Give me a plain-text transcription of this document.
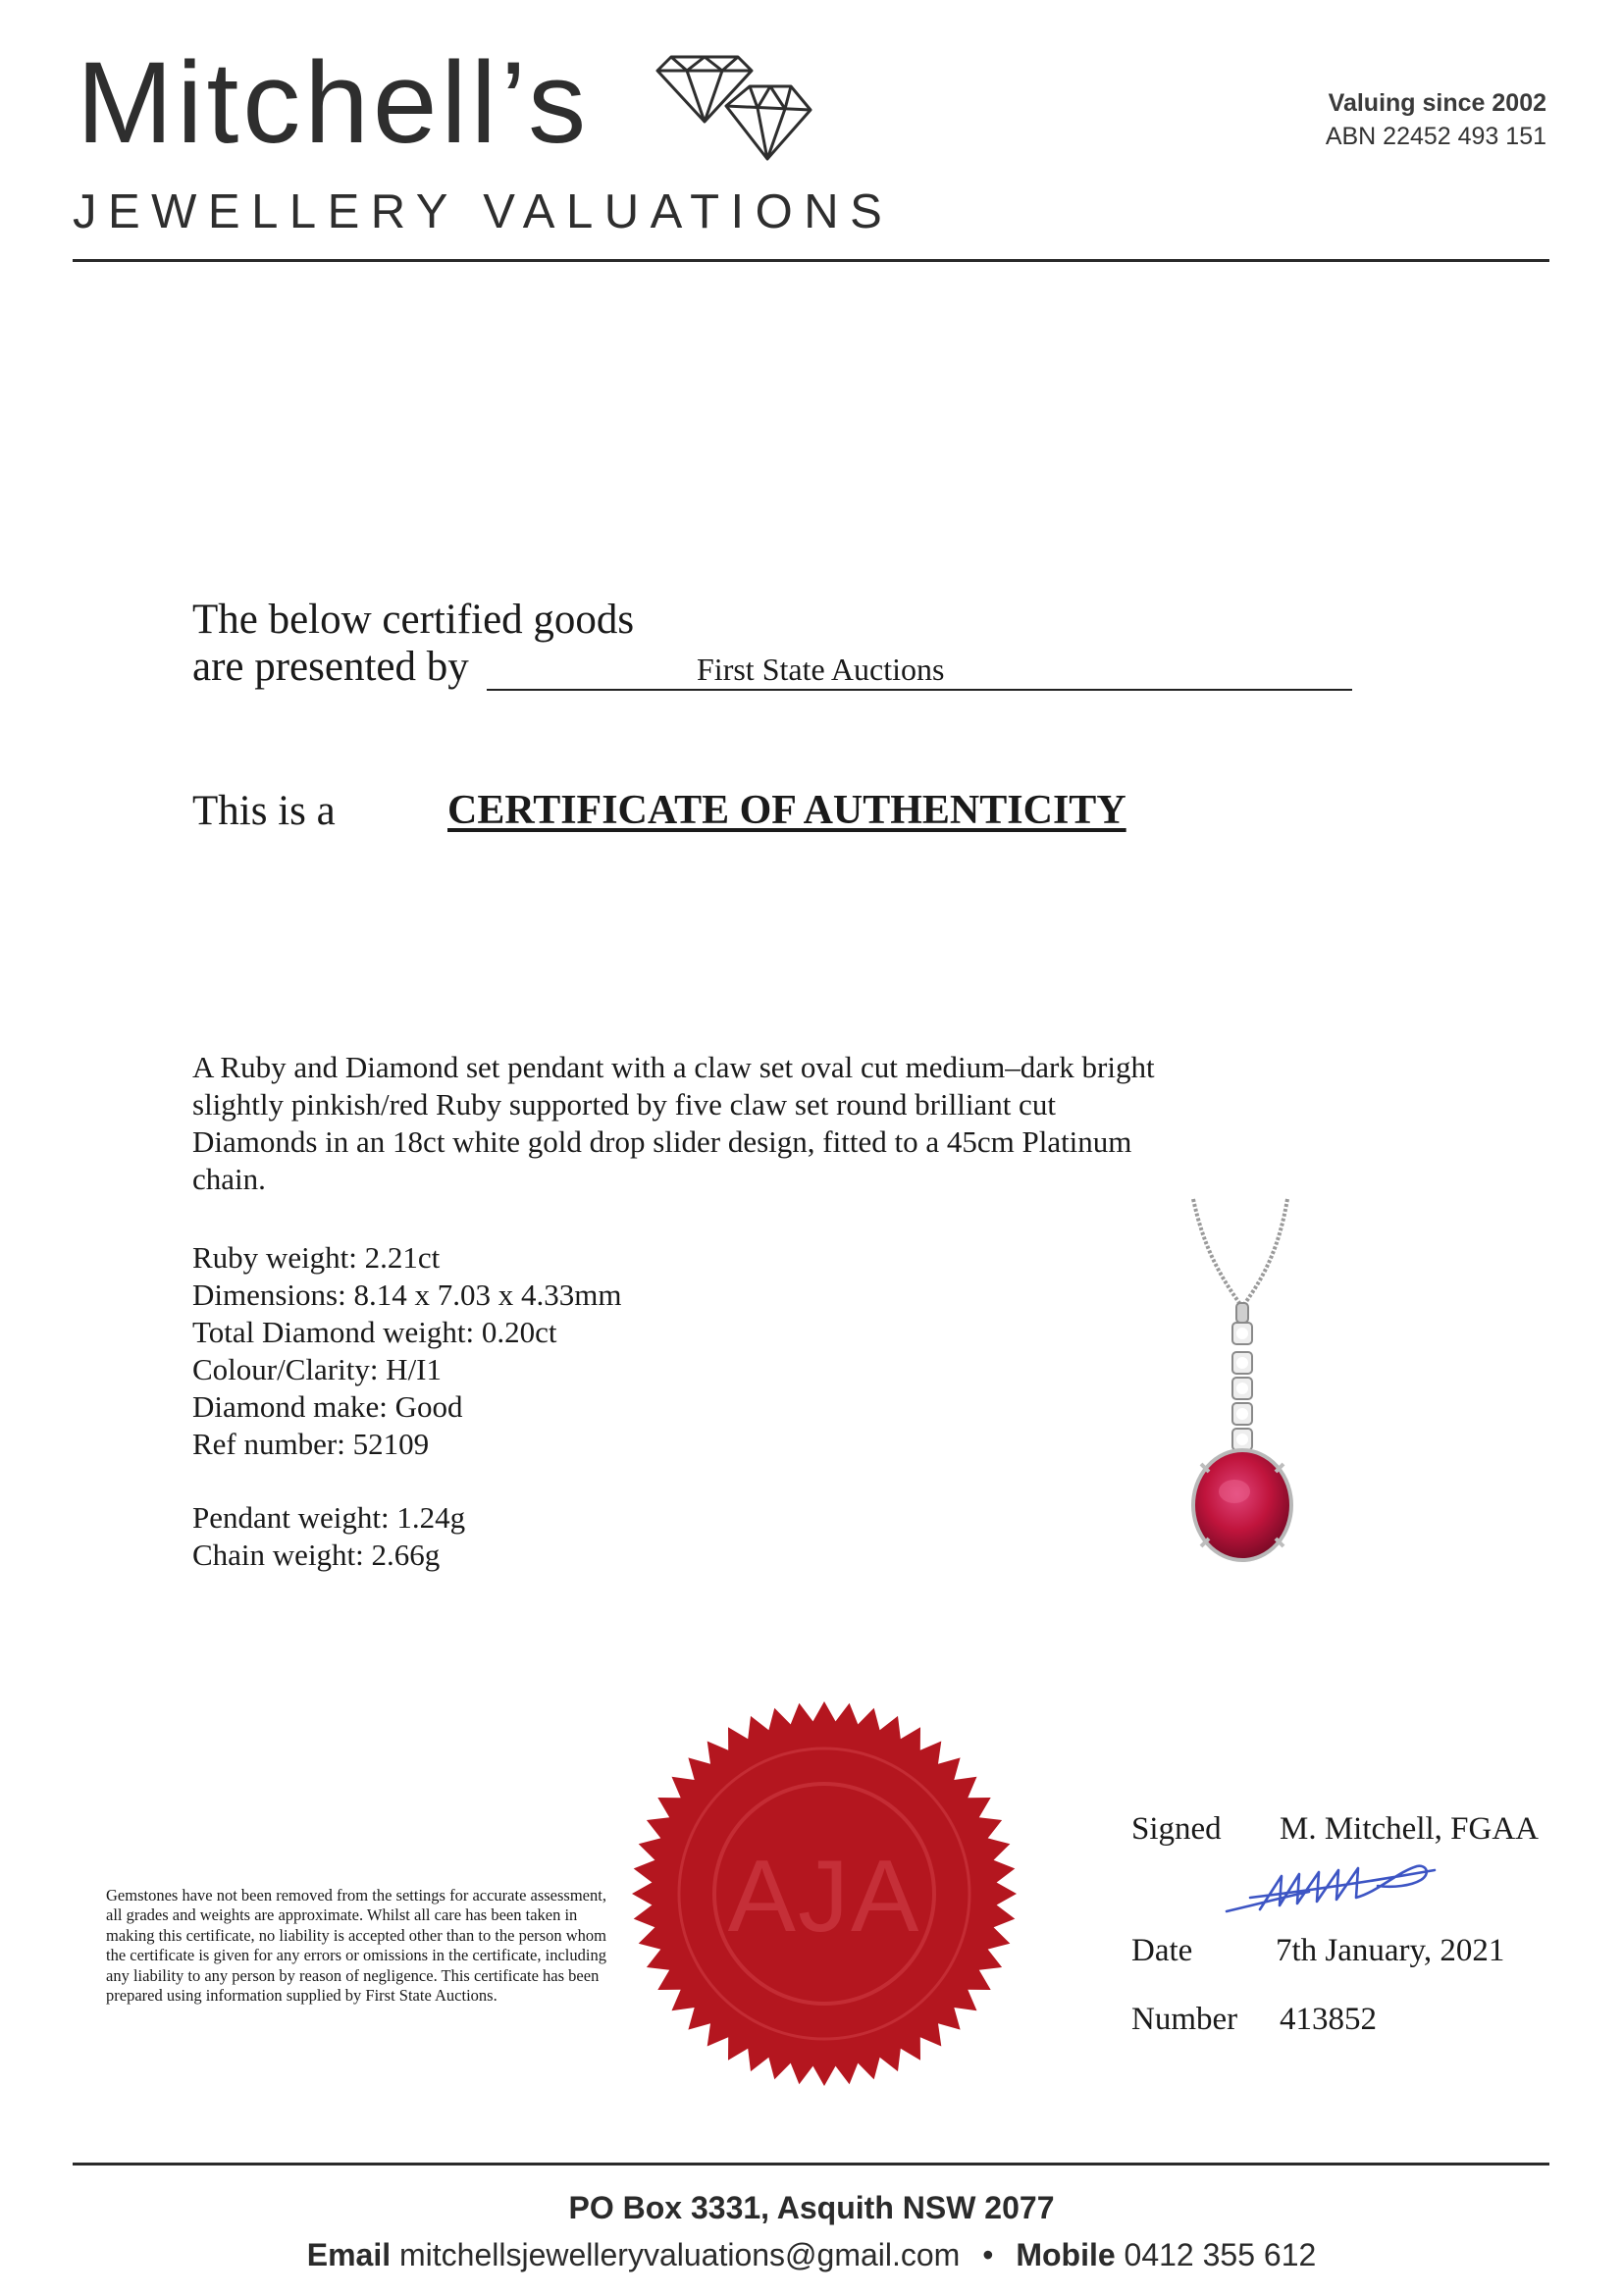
Mitchell’s
JEWELLERY VALUATIONS
Valuing since 2002
ABN 22452 493 151
The below certified goods
are presented by	First State Auctions
This is a	CERTIFICATE OF AUTHENTICITY
A Ruby and Diamond set pendant with a claw set oval cut medium–dark bright slightly pinkish/red Ruby supported by five claw set round brilliant cut Diamonds in an 18ct white gold drop slider design, fitted to a 45cm Platinum chain.
Ruby weight: 2.21ct
Dimensions: 8.14 x 7.03 x 4.33mm
Total Diamond weight: 0.20ct
Colour/Clarity: H/I1
Diamond make: Good
Ref number: 52109
Pendant weight: 1.24g
Chain weight: 2.66g
AJA
Gemstones have not been removed from the settings for accurate assessment, all grades and weights are approximate. Whilst all care has been taken in making this certificate, no liability is accepted other than to the person whom the certificate is given for any errors or omissions in the certificate, including any liability to any person by reason of negligence. This certificate has been prepared using information supplied by First State Auctions.
Signed M. Mitchell, FGAA
Date	7th January, 2021
Number 413852
PO Box 3331, Asquith NSW 2077
Email mitchellsjewelleryvaluations@gmail.com • Mobile 0412 355 612
